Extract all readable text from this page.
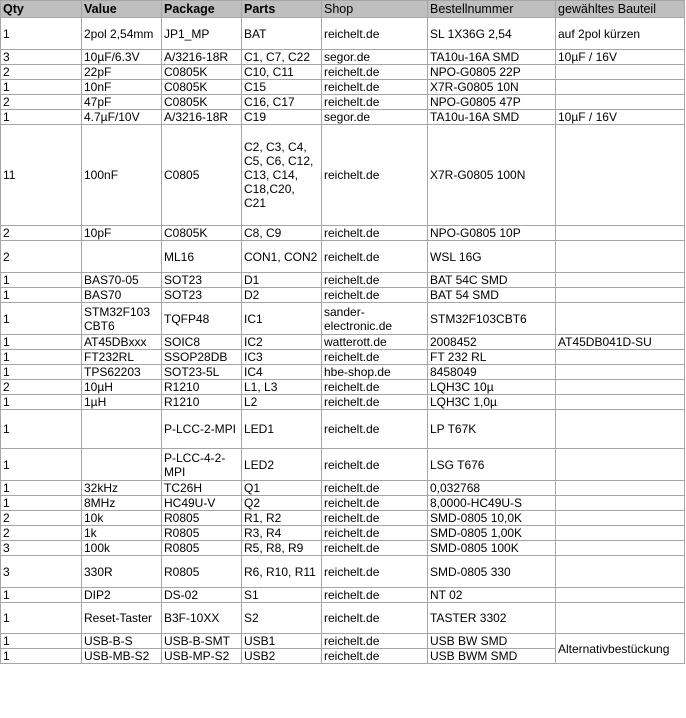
Qty	Value	Package	Parts	Shop	Bestellnummer	gewähltes Bauteil
1	2pol 2,54mm	JP1_MP	BAT	reichelt.de	SL 1X36G 2,54	auf 2pol kürzen
3	10µF/6.3V	A/3216-18R	C1, C7, C22	segor.de	TA10u-16A SMD	10µF / 16V
2	22pF	C0805K	C10, C11	reichelt.de	NPO-G0805 22P	
1	10nF	C0805K	C15	reichelt.de	X7R-G0805 10N	
2	47pF	C0805K	C16, C17	reichelt.de	NPO-G0805 47P	
1	4.7µF/10V	A/3216-18R	C19	segor.de	TA10u-16A SMD	10µF / 16V
11	100nF	C0805	C2, C3, C4, C5, C6, C12, C13, C14, C18,C20, C21	reichelt.de	X7R-G0805 100N	
2	10pF	C0805K	C8, C9	reichelt.de	NPO-G0805 10P	
2		ML16	CON1, CON2	reichelt.de	WSL 16G	
1	BAS70-05	SOT23	D1	reichelt.de	BAT 54C SMD	
1	BAS70	SOT23	D2	reichelt.de	BAT 54 SMD	
1	STM32F103 CBT6	TQFP48	IC1	sander-electronic.de	STM32F103CBT6	
1	AT45DBxxx	SOIC8	IC2	watterott.de	2008452	AT45DB041D-SU
1	FT232RL	SSOP28DB	IC3	reichelt.de	FT 232 RL	
1	TPS62203	SOT23-5L	IC4	hbe-shop.de	8458049	
2	10µH	R1210	L1, L3	reichelt.de	LQH3C 10µ	
1	1µH	R1210	L2	reichelt.de	LQH3C 1,0µ	
1		P-LCC-2-MPI	LED1	reichelt.de	LP T67K	
1		P-LCC-4-2-MPI	LED2	reichelt.de	LSG T676	
1	32kHz	TC26H	Q1	reichelt.de	0,032768	
1	8MHz	HC49U-V	Q2	reichelt.de	8,0000-HC49U-S	
2	10k	R0805	R1, R2	reichelt.de	SMD-0805 10,0K	
2	1k	R0805	R3, R4	reichelt.de	SMD-0805 1,00K	
3	100k	R0805	R5, R8, R9	reichelt.de	SMD-0805 100K	
3	330R	R0805	R6, R10, R11	reichelt.de	SMD-0805 330	
1	DIP2	DS-02	S1	reichelt.de	NT 02	
1	Reset-Taster	B3F-10XX	S2	reichelt.de	TASTER 3302	
1	USB-B-S	USB-B-SMT	USB1	reichelt.de	USB BW SMD	Alternativbestückung
1	USB-MB-S2	USB-MP-S2	USB2	reichelt.de	USB BWM SMD	
